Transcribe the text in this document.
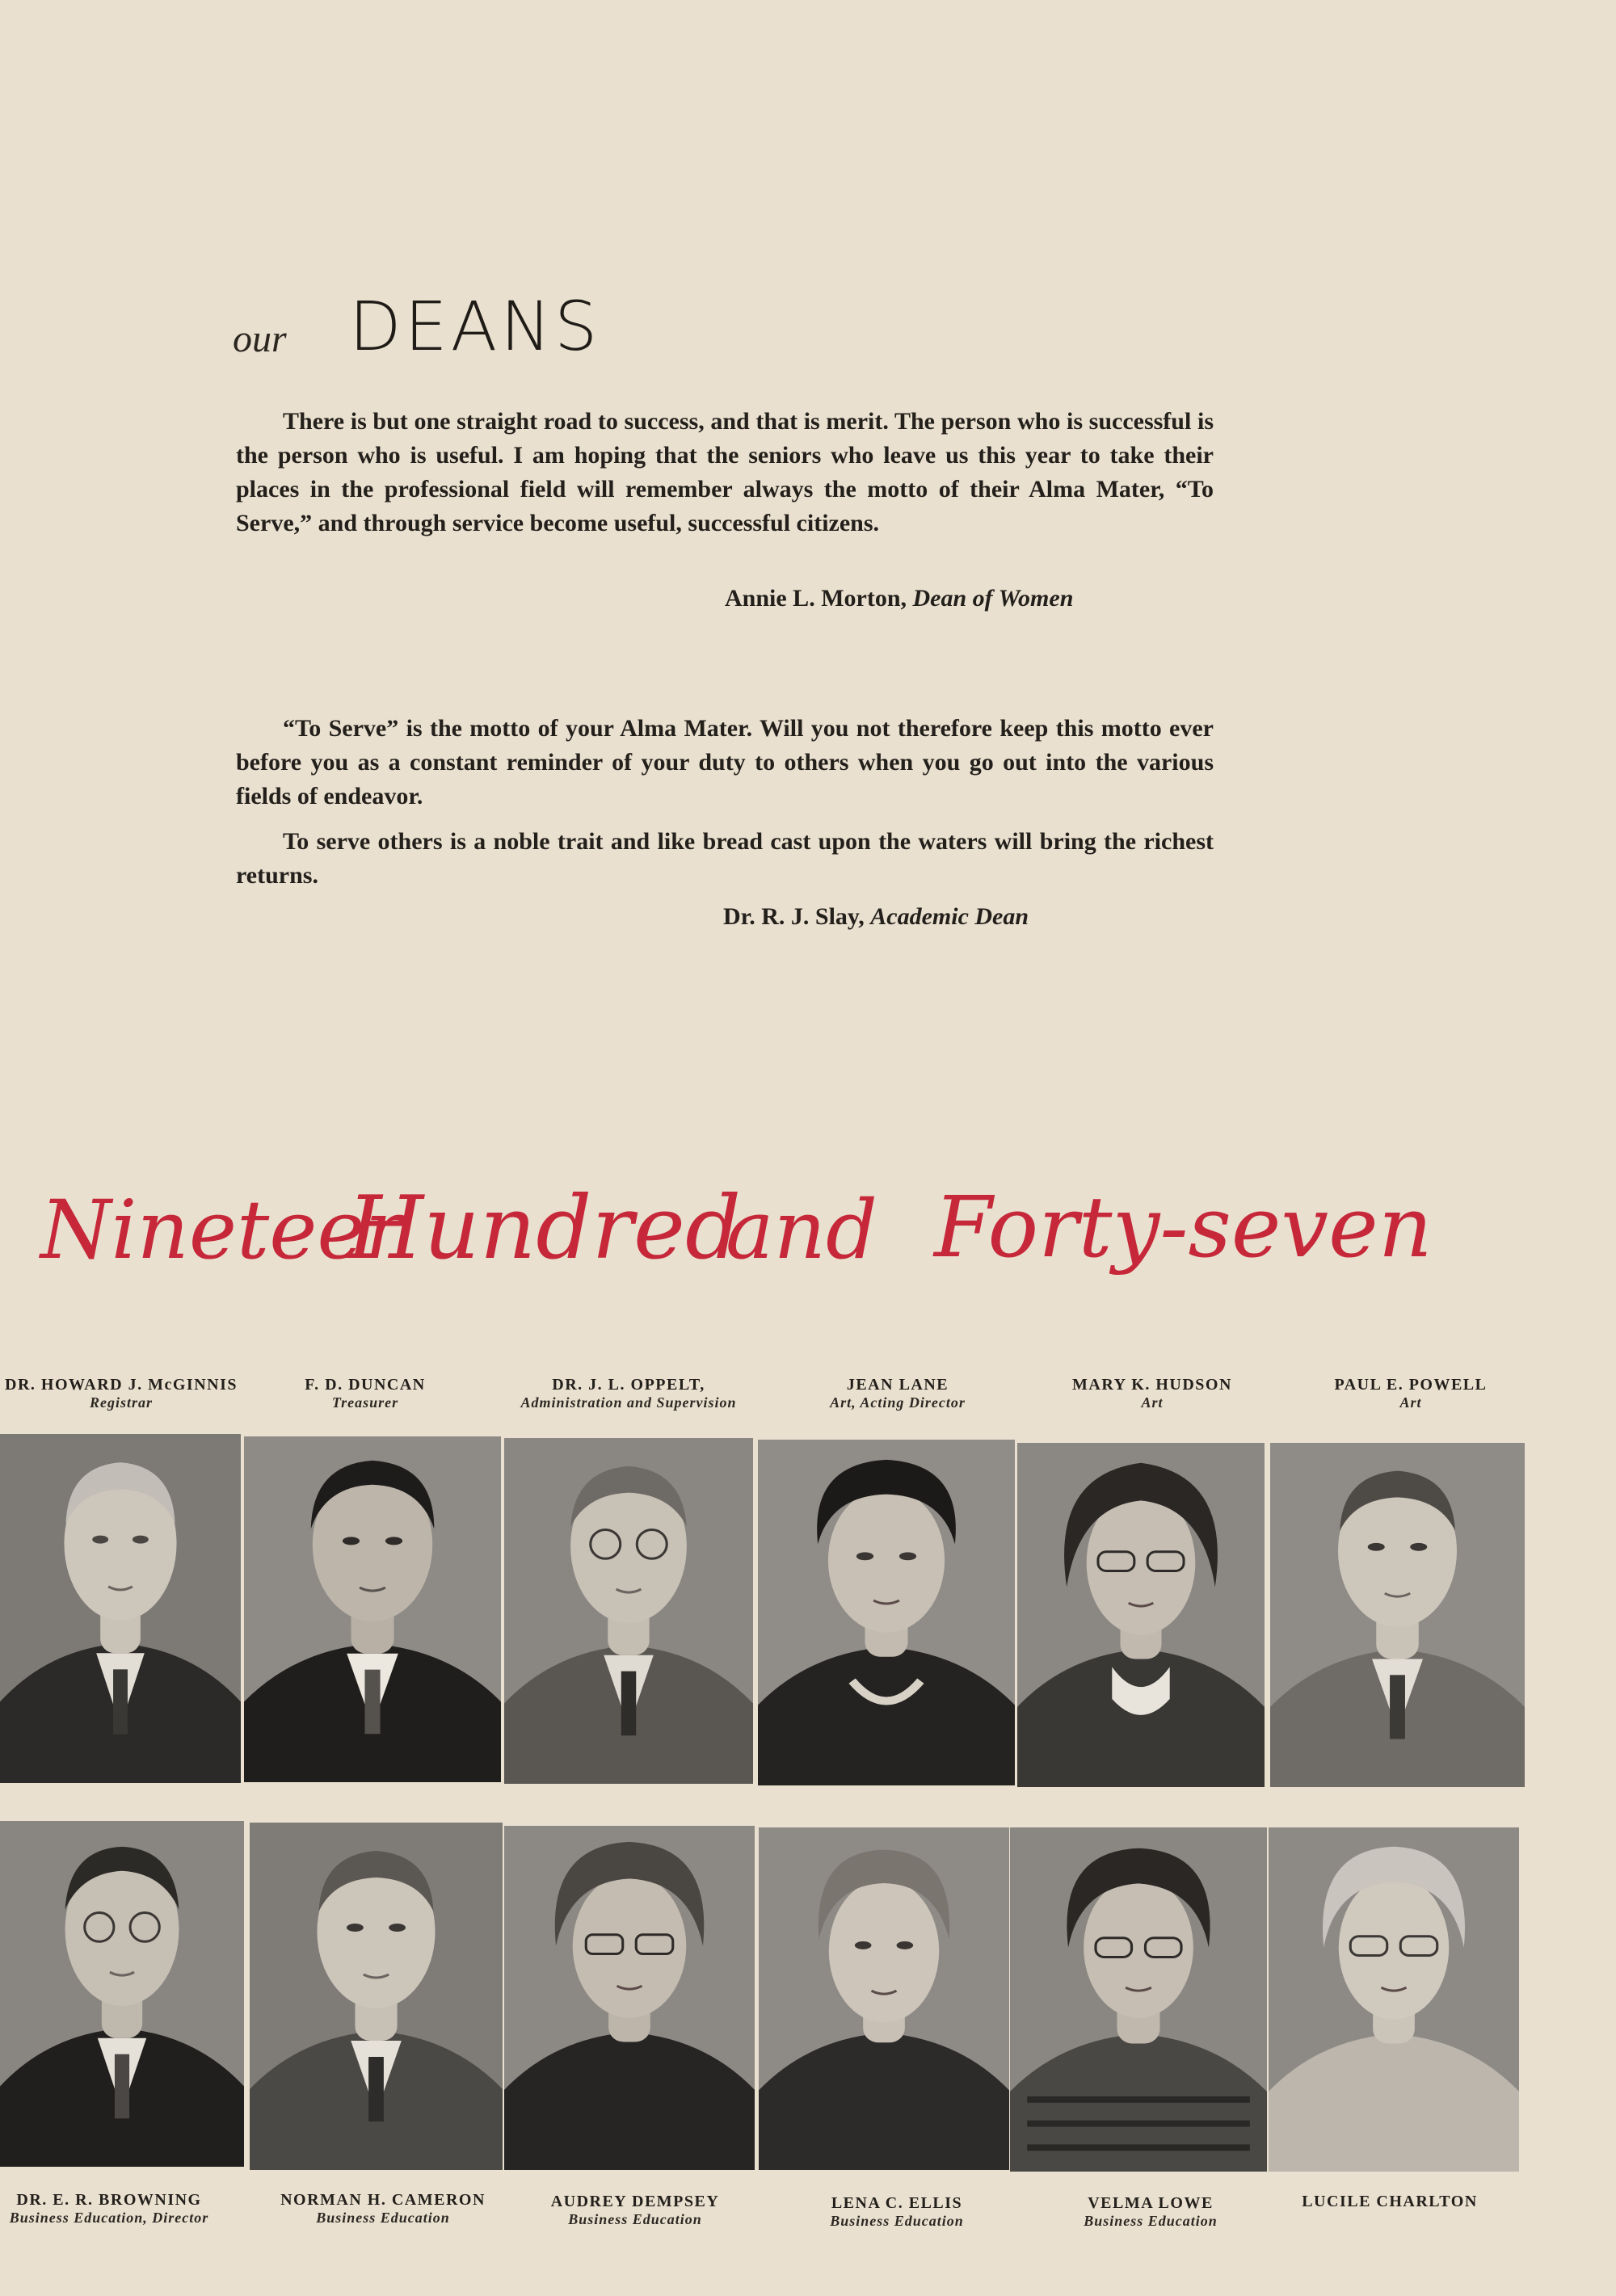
our DEANS

There is but one straight road to success, and that is merit. The person who is successful is the person who is useful. I am hoping that the seniors who leave us this year to take their places in the professional field will remember always the motto of their Alma Mater, “To Serve,” and through service become useful, successful citizens.

Annie L. Morton, Dean of Women

“To Serve” is the motto of your Alma Mater. Will you not therefore keep this motto ever before you as a constant reminder of your duty to others when you go out into the various fields of endeavor.

To serve others is a noble trait and like bread cast upon the waters will bring the richest returns.

Dr. R. J. Slay, Academic Dean
Nineteen
Hundred
and Forty-seven
DR. HOWARD J. McGINNIS
Registrar
F. D. DUNCAN
Treasurer
DR. J. L. OPPELT,
Administration and Supervision
JEAN LANE
Art, Acting Director
MARY K. HUDSON
Art
PAUL E. POWELL
Art
DR. E. R. BROWNING
Business Education, Director
NORMAN H. CAMERON
Business Education
AUDREY DEMPSEY
Business Education
LENA C. ELLIS
Business Education
VELMA LOWE
Business Education
LUCILE CHARLTON
